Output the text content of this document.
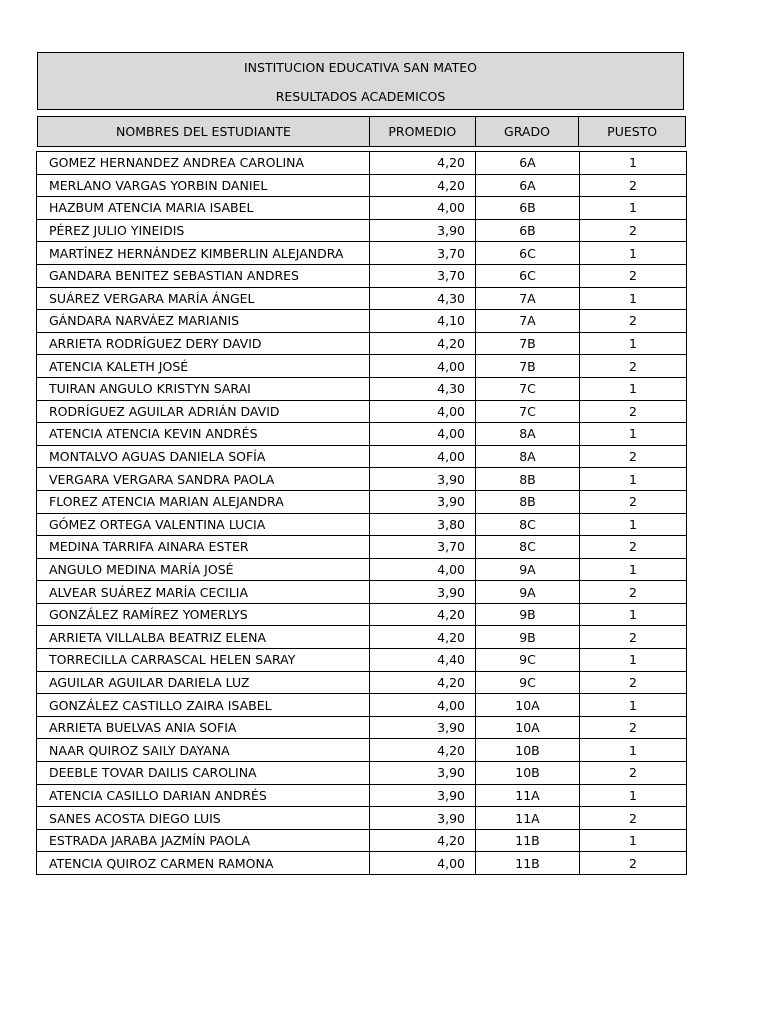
INSTITUCION EDUCATIVA SAN MATEO
RESULTADOS ACADEMICOS
NOMBRES DEL ESTUDIANTE	PROMEDIO	GRADO	PUESTO
GOMEZ HERNANDEZ ANDREA CAROLINA	4,20	6A	1
MERLANO VARGAS YORBIN DANIEL	4,20	6A	2
HAZBUM ATENCIA MARIA ISABEL	4,00	6B	1
PÉREZ JULIO YINEIDIS	3,90	6B	2
MARTÍNEZ HERNÁNDEZ KIMBERLIN ALEJANDRA	3,70	6C	1
GANDARA BENITEZ SEBASTIAN ANDRES	3,70	6C	2
SUÁREZ VERGARA MARÍA ÁNGEL	4,30	7A	1
GÁNDARA NARVÁEZ MARIANIS	4,10	7A	2
ARRIETA RODRÍGUEZ DERY DAVID	4,20	7B	1
ATENCIA KALETH JOSÉ	4,00	7B	2
TUIRAN ANGULO KRISTYN SARAI	4,30	7C	1
RODRÍGUEZ AGUILAR ADRIÁN DAVID	4,00	7C	2
ATENCIA ATENCIA KEVIN ANDRÉS	4,00	8A	1
MONTALVO AGUAS DANIELA SOFÍA	4,00	8A	2
VERGARA VERGARA SANDRA PAOLA	3,90	8B	1
FLOREZ ATENCIA MARIAN ALEJANDRA	3,90	8B	2
GÓMEZ ORTEGA VALENTINA LUCIA	3,80	8C	1
MEDINA TARRIFA AINARA ESTER	3,70	8C	2
ANGULO MEDINA MARÍA JOSÉ	4,00	9A	1
ALVEAR SUÁREZ MARÍA CECILIA	3,90	9A	2
GONZÁLEZ RAMÍREZ YOMERLYS	4,20	9B	1
ARRIETA VILLALBA BEATRIZ ELENA	4,20	9B	2
TORRECILLA CARRASCAL HELEN SARAY	4,40	9C	1
AGUILAR AGUILAR DARIELA LUZ	4,20	9C	2
GONZÁLEZ CASTILLO ZAIRA ISABEL	4,00	10A	1
ARRIETA BUELVAS ANIA SOFIA	3,90	10A	2
NAAR QUIROZ SAILY DAYANA	4,20	10B	1
DEEBLE TOVAR DAILIS CAROLINA	3,90	10B	2
ATENCIA CASILLO DARIAN ANDRÉS	3,90	11A	1
SANES ACOSTA DIEGO LUIS	3,90	11A	2
ESTRADA JARABA JAZMÍN PAOLA	4,20	11B	1
ATENCIA QUIROZ CARMEN RAMONA	4,00	11B	2
